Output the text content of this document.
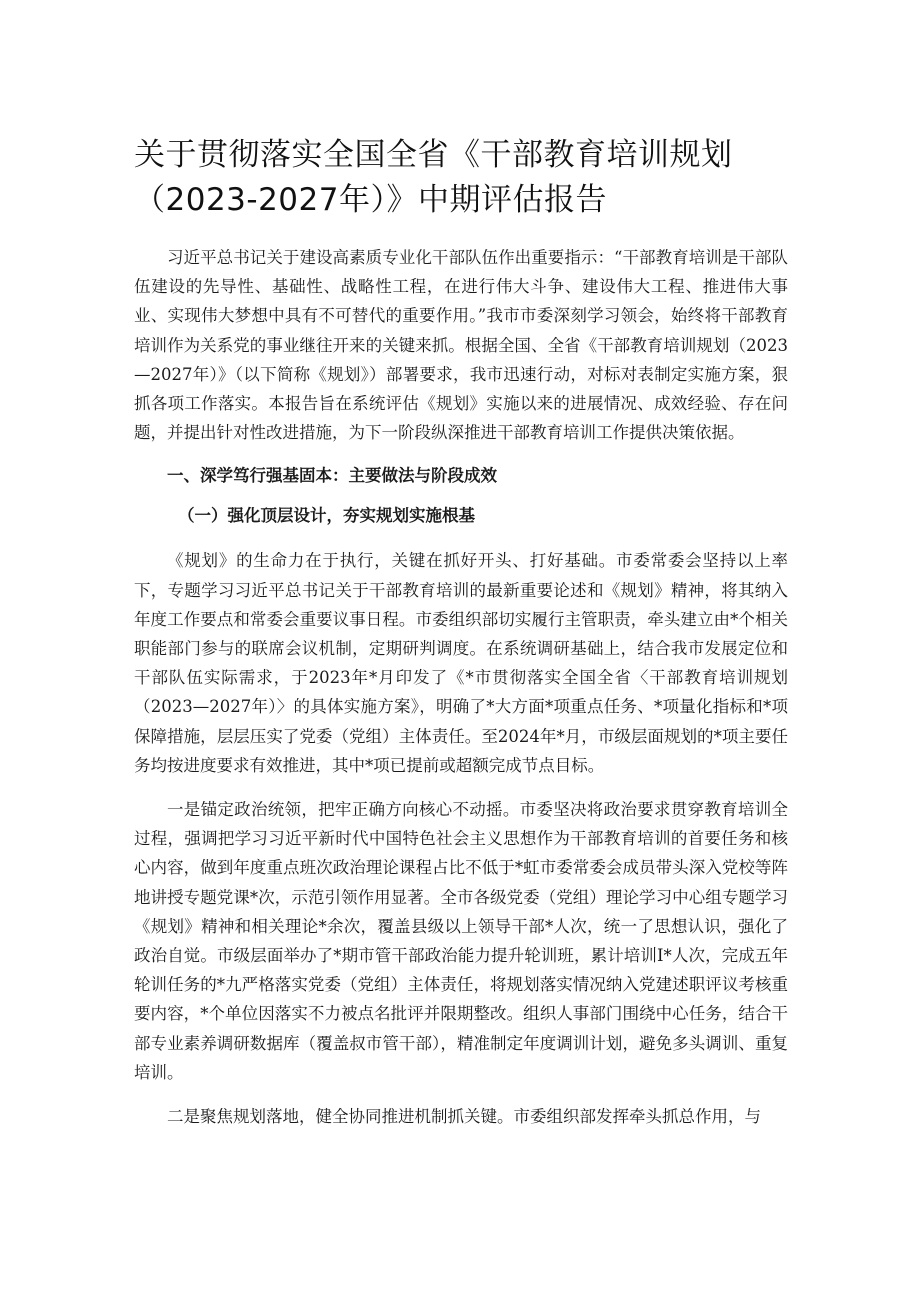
关于贯彻落实全国全省《干部教育培训规划（2023-2027年）》中期评估报告

习近平总书记关于建设高素质专业化干部队伍作出重要指示：“干部教育培训是干部队伍建设的先导性、基础性、战略性工程，在进行伟大斗争、建设伟大工程、推进伟大事业、实现伟大梦想中具有不可替代的重要作用。”我市市委深刻学习领会，始终将干部教育培训作为关系党的事业继往开来的关键来抓。根据全国、全省《干部教育培训规划（2023—2027年）》（以下简称《规划》）部署要求，我市迅速行动，对标对表制定实施方案，狠抓各项工作落实。本报告旨在系统评估《规划》实施以来的进展情况、成效经验、存在问题，并提出针对性改进措施，为下一阶段纵深推进干部教育培训工作提供决策依据。

一、深学笃行强基固本：主要做法与阶段成效
（一）强化顶层设计，夯实规划实施根基

《规划》的生命力在于执行，关键在抓好开头、打好基础。市委常委会坚持以上率下，专题学习习近平总书记关于干部教育培训的最新重要论述和《规划》精神，将其纳入年度工作要点和常委会重要议事日程。市委组织部切实履行主管职责，牵头建立由*个相关职能部门参与的联席会议机制，定期研判调度。在系统调研基础上，结合我市发展定位和干部队伍实际需求，于2023年*月印发了《*市贯彻落实全国全省〈干部教育培训规划（2023—2027年）〉的具体实施方案》，明确了*大方面*项重点任务、*项量化指标和*项保障措施，层层压实了党委（党组）主体责任。至2024年*月，市级层面规划的*项主要任务均按进度要求有效推进，其中*项已提前或超额完成节点目标。

一是锚定政治统领，把牢正确方向核心不动摇。市委坚决将政治要求贯穿教育培训全过程，强调把学习习近平新时代中国特色社会主义思想作为干部教育培训的首要任务和核心内容，做到年度重点班次政治理论课程占比不低于*虹市委常委会成员带头深入党校等阵地讲授专题党课*次，示范引领作用显著。全市各级党委（党组）理论学习中心组专题学习《规划》精神和相关理论*余次，覆盖县级以上领导干部*人次，统一了思想认识，强化了政治自觉。市级层面举办了*期市管干部政治能力提升轮训班，累计培训I*人次，完成五年轮训任务的*九严格落实党委（党组）主体责任，将规划落实情况纳入党建述职评议考核重要内容，*个单位因落实不力被点名批评并限期整改。组织人事部门围绕中心任务，结合干部专业素养调研数据库（覆盖叔市管干部），精准制定年度调训计划，避免多头调训、重复培训。

二是聚焦规划落地，健全协同推进机制抓关键。市委组织部发挥牵头抓总作用，与
